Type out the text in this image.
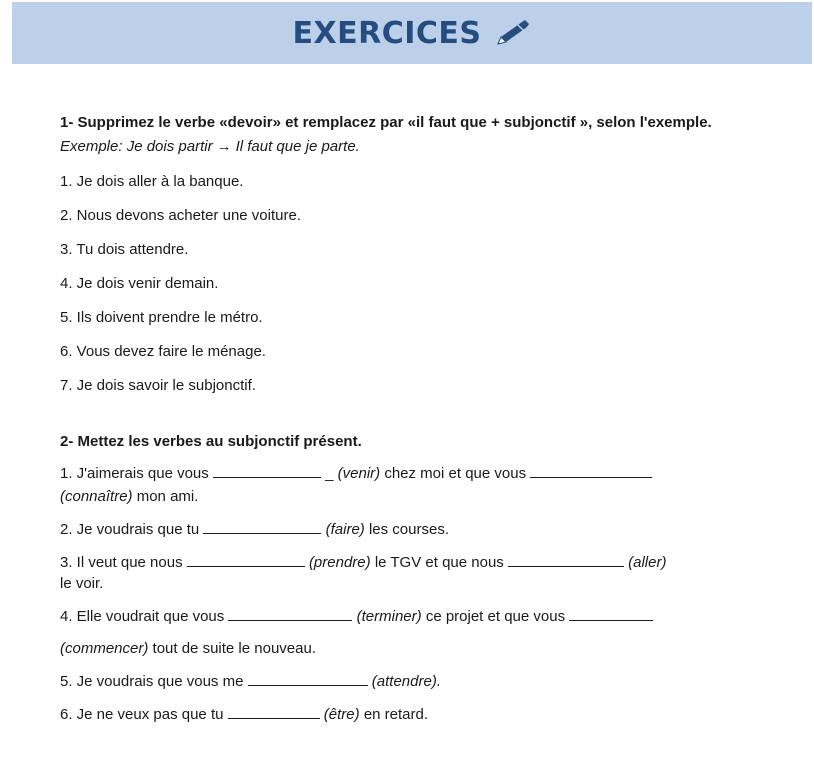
EXERCICES
1- Supprimez le verbe «devoir» et remplacez par «il faut que + subjonctif », selon l'exemple.
Exemple: Je dois partir → Il faut que je parte.
1. Je dois aller à la banque.
2. Nous devons acheter une voiture.
3. Tu dois attendre.
4. Je dois venir demain.
5. Ils doivent prendre le métro.
6. Vous devez faire le ménage.
7. Je dois savoir le subjonctif.
2- Mettez les verbes au subjonctif présent.
1. J'aimerais que vous	_ (venir) chez moi et que vous
(connaître) mon ami.
2. Je voudrais que tu	(faire) les courses.
3. Il veut que nous	(prendre) le TGV et que nous	(aller)
le voir.
4. Elle voudrait que vous	(terminer) ce projet et que vous
(commencer) tout de suite le nouveau.
5. Je voudrais que vous me	(attendre).
6. Je ne veux pas que tu	(être) en retard.
